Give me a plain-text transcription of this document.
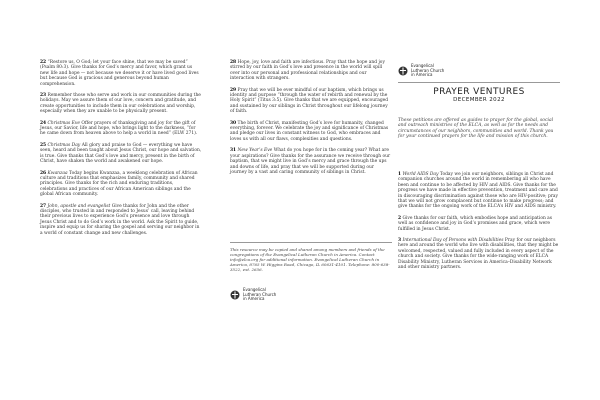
22 “Restore us, O God; let your face shine, that we may be saved” (Psalm 80:3). Give thanks for God’s mercy and favor, which grant us new life and hope — not because we deserve it or have lived good lives but because God is gracious and generous beyond human comprehension.
23 Remember those who serve and work in our communities during the holidays. May we assure them of our love, concern and gratitude, and create opportunities to include them in our celebrations and worship, especially when they are unable to be physically present.
24 Christmas Eve Offer prayers of thanksgiving and joy for the gift of Jesus, our Savior, life and hope, who brings light to the darkness, “for he came down from heaven above to help a world in need” (ELW 271).
25 Christmas Day All glory and praise to God — everything we have seen, heard and been taught about Jesus Christ, our hope and salvation, is true. Give thanks that God’s love and mercy, present in the birth of Christ, have shaken the world and awakened our hope.
26 Kwanzaa Today begins Kwanzaa, a weeklong celebration of African culture and traditions that emphasizes family, community and shared principles. Give thanks for the rich and enduring traditions, celebrations and practices of our African American siblings and the global African community.
27 John, apostle and evangelist Give thanks for John and the other disciples, who trusted in and responded to Jesus’ call, leaving behind their previous lives to experience God’s presence and love through Jesus Christ and to do God’s work in the world. Ask the Spirit to guide, inspire and equip us for sharing the gospel and serving our neighbor in a world of constant change and new challenges.
28 Hope, joy, love and faith are infectious. Pray that the hope and joy stirred by our faith in God’s love and presence in the world will spill over into our personal and professional relationships and our interaction with strangers.
29 Pray that we will be ever mindful of our baptism, which brings us identity and purpose “through the water of rebirth and renewal by the Holy Spirit” (Titus 3:5). Give thanks that we are equipped, encouraged and sustained by our siblings in Christ throughout our lifelong journey of faith.
30 The birth of Christ, manifesting God’s love for humanity, changed everything, forever. We celebrate the joy and significance of Christmas and pledge our lives in constant witness to God, who embraces and loves us with all our flaws, complexities and questions.
31 New Year’s Eve What do you hope for in the coming year? What are your aspirations? Give thanks for the assurance we receive through our baptism, that we might live in God’s mercy and grace through the ups and downs of life, and pray that we will be supported during our journey by a vast and caring community of siblings in Christ.
This resource may be copied and shared among members and friends of the congregations of the Evangelical Lutheran Church in America. Contact info@elca.org for additional information. Evangelical Lutheran Church in America, 8765 W. Higgins Road, Chicago, IL 60631-4101. Telephone: 800-638-3522, ext. 2656.
Evangelical
Lutheran Church
in America
Evangelical
Lutheran Church
in America
PRAYER VENTURES
DECEMBER 2022
These petitions are offered as guides to prayer for the global, social and outreach ministries of the ELCA, as well as for the needs and circumstances of our neighbors, communities and world. Thank you for your continued prayers for the life and mission of this church.
1 World AIDS Day Today we join our neighbors, siblings in Christ and companion churches around the world in remembering all who have been and continue to be affected by HIV and AIDS. Give thanks for the progress we have made in effective prevention, treatment and care and in discouraging discrimination against those who are HIV-positive; pray that we will not grow complacent but continue to make progress; and give thanks for the ongoing work of the ELCA’s HIV and AIDS ministry.
2 Give thanks for our faith, which embodies hope and anticipation as well as confidence and joy in God’s promises and grace, which were fulfilled in Jesus Christ.
3 International Day of Persons with Disabilities Pray for our neighbors here and around the world who live with disabilities, that they might be welcomed, respected, valued and fully included in every aspect of the church and society. Give thanks for the wide-ranging work of ELCA Disability Ministry, Lutheran Services in America–Disability Network and other ministry partners.
